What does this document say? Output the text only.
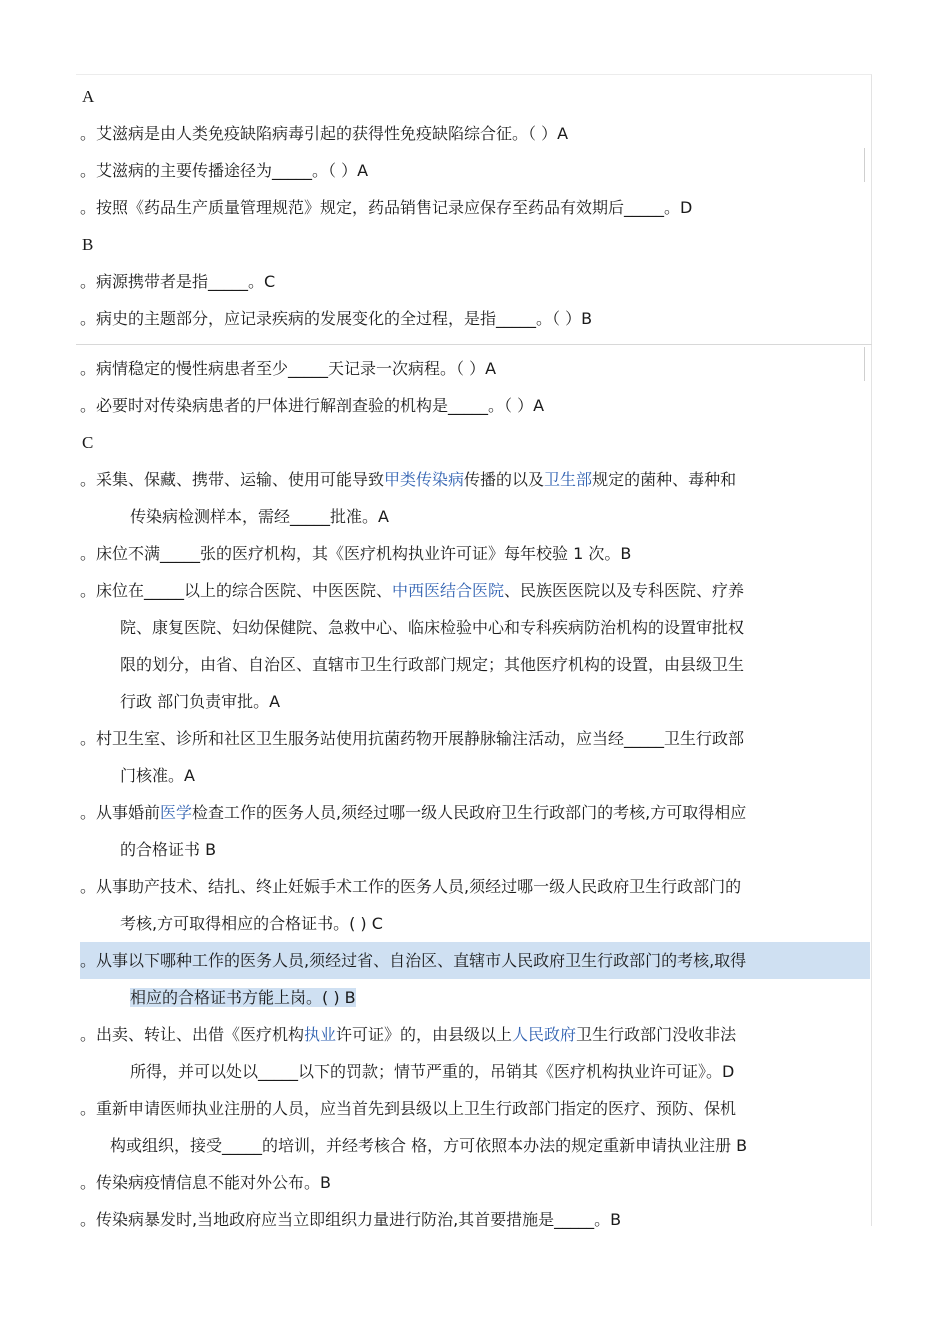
A
。艾滋病是由人类免疫缺陷病毒引起的获得性免疫缺陷综合征。（ ）A
。艾滋病的主要传播途径为_____。（ ）A
。按照《药品生产质量管理规范》规定，药品销售记录应保存至药品有效期后_____。D
B
。病源携带者是指_____。C
。病史的主题部分，应记录疾病的发展变化的全过程，是指_____。（ ）B
。病情稳定的慢性病患者至少_____天记录一次病程。（ ）A
。必要时对传染病患者的尸体进行解剖查验的机构是_____。（ ）A
C
。采集、保藏、携带、运输、使用可能导致甲类传染病传播的以及卫生部规定的菌种、毒种和
传染病检测样本，需经_____批准。A
。床位不满_____张的医疗机构，其《医疗机构执业许可证》每年校验 1 次。B
。床位在_____以上的综合医院、中医医院、中西医结合医院、民族医医院以及专科医院、疗养
院、康复医院、妇幼保健院、急救中心、临床检验中心和专科疾病防治机构的设置审批权
限的划分，由省、自治区、直辖市卫生行政部门规定；其他医疗机构的设置，由县级卫生
行政 部门负责审批。A
。村卫生室、诊所和社区卫生服务站使用抗菌药物开展静脉输注活动，应当经_____卫生行政部
门核准。A
。从事婚前医学检查工作的医务人员,须经过哪一级人民政府卫生行政部门的考核,方可取得相应
的合格证书 B
。从事助产技术、结扎、终止妊娠手术工作的医务人员,须经过哪一级人民政府卫生行政部门的
考核,方可取得相应的合格证书。( ) C
。从事以下哪种工作的医务人员,须经过省、自治区、直辖市人民政府卫生行政部门的考核,取得
相应的合格证书方能上岗。( ) B
。出卖、转让、出借《医疗机构执业许可证》的，由县级以上人民政府卫生行政部门没收非法
所得，并可以处以_____以下的罚款；情节严重的，吊销其《医疗机构执业许可证》。D
。重新申请医师执业注册的人员，应当首先到县级以上卫生行政部门指定的医疗、预防、保机
构或组织，接受_____的培训，并经考核合 格，方可依照本办法的规定重新申请执业注册 B
。传染病疫情信息不能对外公布。B
。传染病暴发时,当地政府应当立即组织力量进行防治,其首要措施是_____。B
